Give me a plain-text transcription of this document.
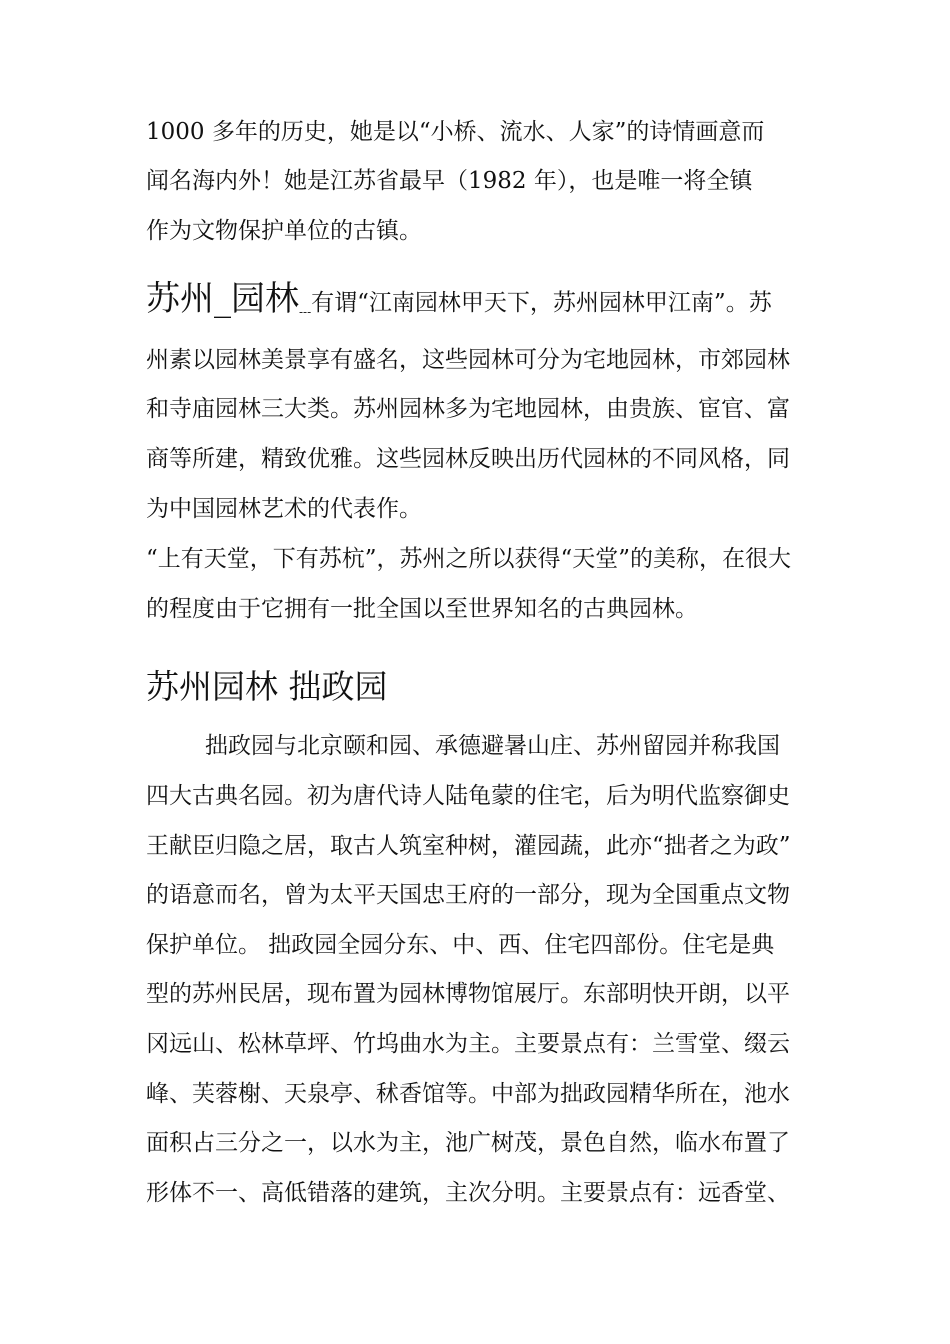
1000 多年的历史，她是以“小桥、流水、人家”的诗情画意而
闻名海内外！她是江苏省最早（1982 年），也是唯一将全镇
作为文物保护单位的古镇。
苏州_园林---有谓“江南园林甲天下，苏州园林甲江南”。苏
州素以园林美景享有盛名，这些园林可分为宅地园林，市郊园林
和寺庙园林三大类。苏州园林多为宅地园林，由贵族、宦官、富
商等所建，精致优雅。这些园林反映出历代园林的不同风格，同
为中国园林艺术的代表作。
“上有天堂，下有苏杭”，苏州之所以获得“天堂”的美称，在很大
的程度由于它拥有一批全国以至世界知名的古典园林。
苏州园林 拙政园
拙政园与北京颐和园、承德避暑山庄、苏州留园并称我国
四大古典名园。初为唐代诗人陆龟蒙的住宅，后为明代监察御史
王献臣归隐之居，取古人筑室种树，灌园蔬，此亦“拙者之为政”
的语意而名，曾为太平天国忠王府的一部分，现为全国重点文物
保护单位。 拙政园全园分东、中、西、住宅四部份。住宅是典
型的苏州民居，现布置为园林博物馆展厅。东部明快开朗，以平
冈远山、松林草坪、竹坞曲水为主。主要景点有：兰雪堂、缀云
峰、芙蓉榭、天泉亭、秫香馆等。中部为拙政园精华所在，池水
面积占三分之一，以水为主，池广树茂，景色自然，临水布置了
形体不一、高低错落的建筑，主次分明。主要景点有：远香堂、
